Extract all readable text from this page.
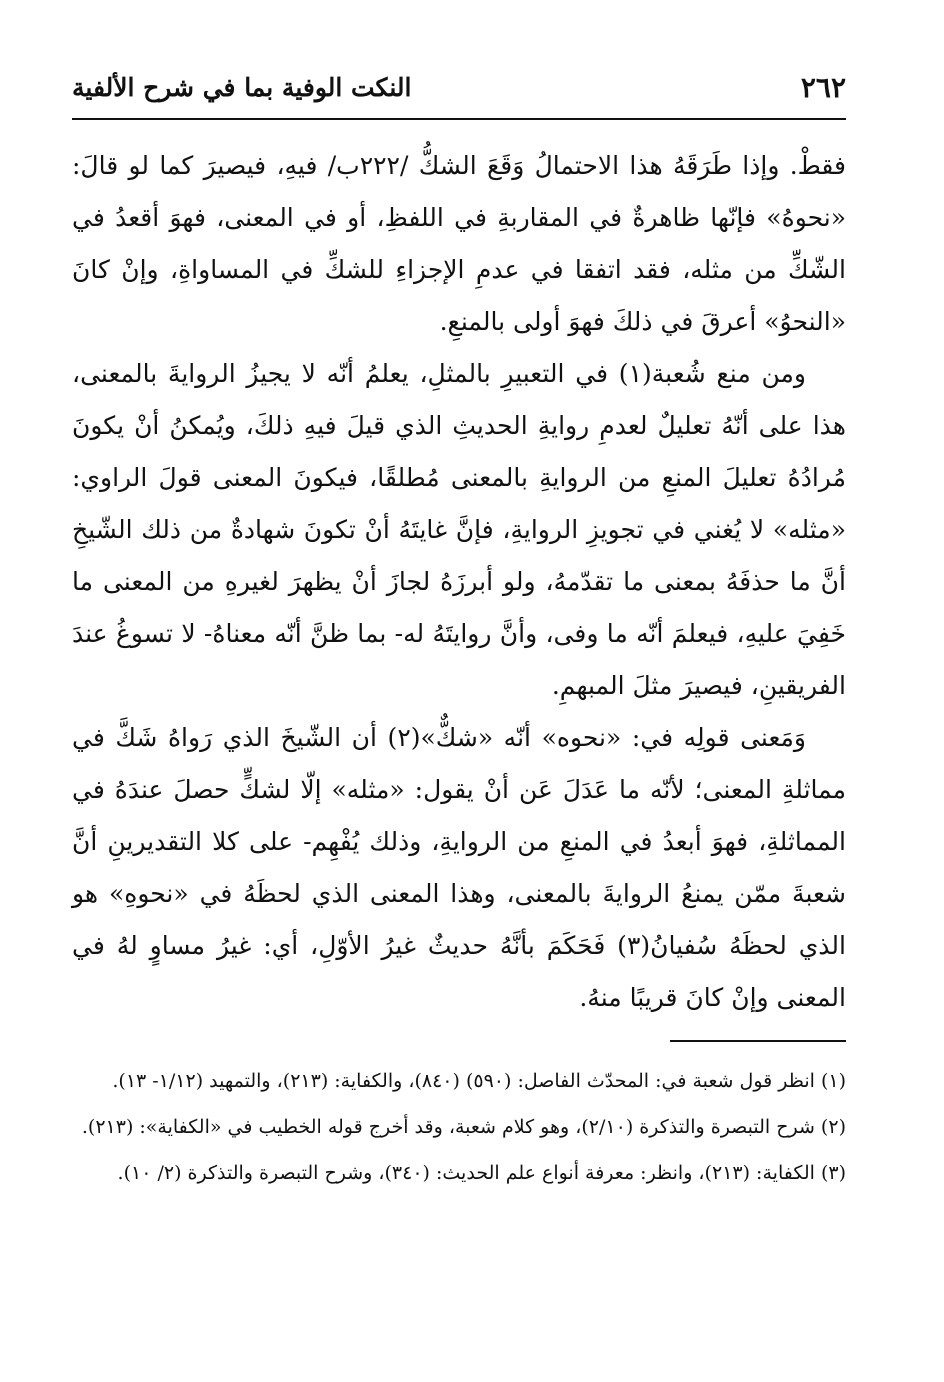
٢٦٢
النكت الوفية بما في شرح الألفية

فقطْ. وإذا طَرَقَهُ هذا الاحتمالُ وَقَعَ الشكُّ /٢٢٢ب/ فيهِ، فيصيرَ كما لو قالَ: «نحوهُ» فإنّها ظاهرةٌ في المقاربةِ في اللفظِ، أو في المعنى، فهوَ أقعدُ في الشّكِّ من مثله، فقد اتفقا في عدمِ الإجزاءِ للشكِّ في المساواةِ، وإنْ كانَ «النحوُ» أعرقَ في ذلكَ فهوَ أولى بالمنعِ.

ومن منع شُعبة(١) في التعبيرِ بالمثلِ، يعلمُ أنّه لا يجيزُ الروايةَ بالمعنى، هذا على أنّهُ تعليلٌ لعدمِ روايةِ الحديثِ الذي قيلَ فيهِ ذلكَ، ويُمكنُ أنْ يكونَ مُرادُهُ تعليلَ المنعِ من الروايةِ بالمعنى مُطلقًا، فيكونَ المعنى قولَ الراوي: «مثله» لا يُغني في تجويزِ الروايةِ، فإنَّ غايتَهُ أنْ تكونَ شهادةٌ من ذلك الشّيخِ أنَّ ما حذفَهُ بمعنى ما تقدّمهُ، ولو أبرزَهُ لجازَ أنْ يظهرَ لغيرهِ من المعنى ما خَفِيَ عليهِ، فيعلمَ أنّه ما وفى، وأنَّ روايتَهُ له- بما ظنَّ أنّه معناهُ- لا تسوغُ عندَ الفريقينِ، فيصيرَ مثلَ المبهمِ.

وَمَعنى قولِه في: «نحوه» أنّه «شكٌّ»(٢) أن الشّيخَ الذي رَواهُ شَكَّ في مماثلةِ المعنى؛ لأنّه ما عَدَلَ عَن أنْ يقول: «مثله» إلّا لشكٍّ حصلَ عندَهُ في المماثلةِ، فهوَ أبعدُ في المنعِ من الروايةِ، وذلك يُفْهِم- على كلا التقديرينِ أنَّ شعبةَ ممّن يمنعُ الروايةَ بالمعنى، وهذا المعنى الذي لحظَهُ في «نحوهِ» هو الذي لحظَهُ سُفيانُ(٣) فَحَكَمَ بأنَّهُ حديثٌ غيرُ الأوّلِ، أي: غيرُ مساوٍ لهُ في المعنى وإنْ كانَ قريبًا منهُ.

(١) انظر قول شعبة في: المحدّث الفاصل: (٥٩٠) (٨٤٠)، والكفاية: (٢١٣)، والتمهيد (١/١٢- ١٣).

(٢) شرح التبصرة والتذكرة (٢/١٠)، وهو كلام شعبة، وقد أخرج قوله الخطيب في «الكفاية»: (٢١٣).

(٣) الكفاية: (٢١٣)، وانظر: معرفة أنواع علم الحديث: (٣٤٠)، وشرح التبصرة والتذكرة (٢/ ١٠).
